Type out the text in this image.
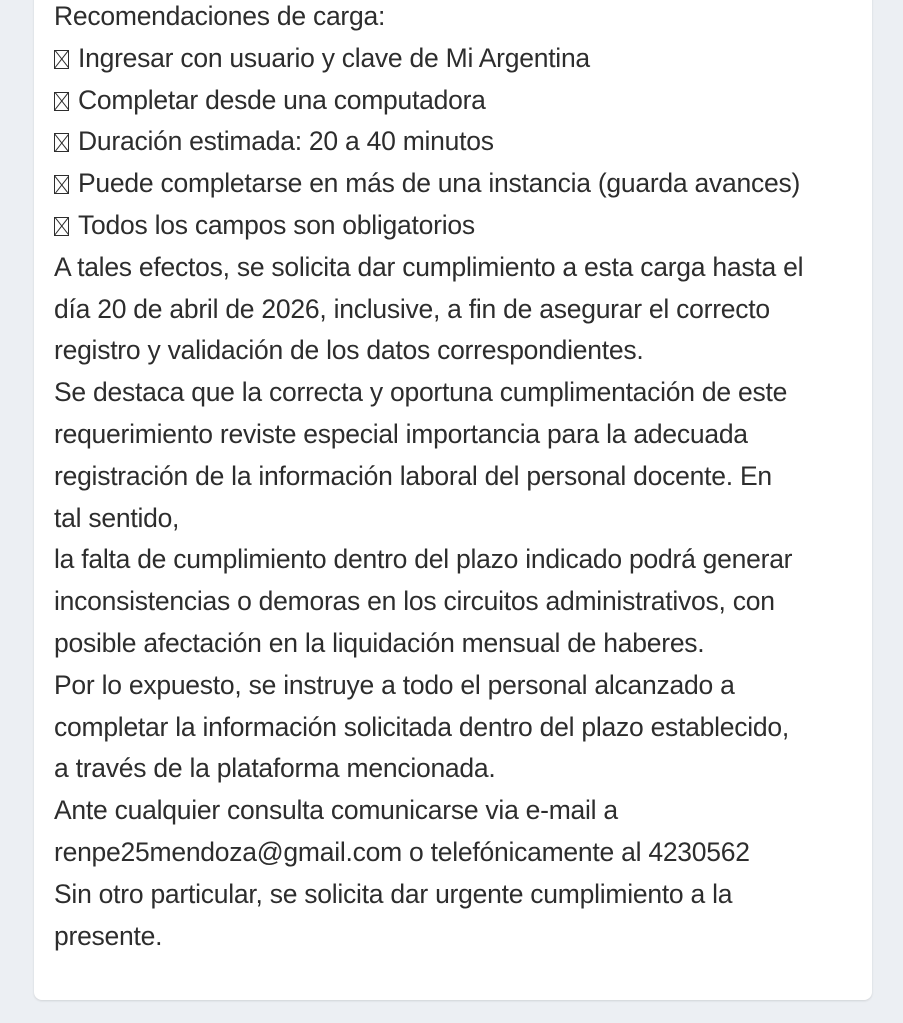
Recomendaciones de carga:
Ingresar con usuario y clave de Mi Argentina
Completar desde una computadora
Duración estimada: 20 a 40 minutos
Puede completarse en más de una instancia (guarda avances)
Todos los campos son obligatorios
A tales efectos, se solicita dar cumplimiento a esta carga hasta el
día 20 de abril de 2026, inclusive, a fin de asegurar el correcto
registro y validación de los datos correspondientes.
Se destaca que la correcta y oportuna cumplimentación de este
requerimiento reviste especial importancia para la adecuada
registración de la información laboral del personal docente. En
tal sentido,
la falta de cumplimiento dentro del plazo indicado podrá generar
inconsistencias o demoras en los circuitos administrativos, con
posible afectación en la liquidación mensual de haberes.
Por lo expuesto, se instruye a todo el personal alcanzado a
completar la información solicitada dentro del plazo establecido,
a través de la plataforma mencionada.
Ante cualquier consulta comunicarse via e-mail a
renpe25mendoza@gmail.com o telefónicamente al 4230562
Sin otro particular, se solicita dar urgente cumplimiento a la
presente.
